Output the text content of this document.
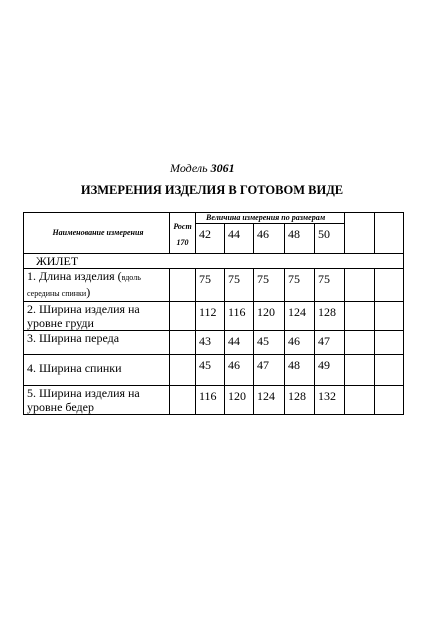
Модель 3061
ИЗМЕРЕНИЯ ИЗДЕЛИЯ В ГОТОВОМ ВИДЕ
Наименование измерения	Рост
170	Величина измерения по размерам						
		42	44	46	48	50		
ЖИЛЕТ								
1. Длина изделия (вдоль середины спинки)		75	75	75	75	75		
2. Ширина изделия на уровне груди		112	116	120	124	128		
3. Ширина переда		43	44	45	46	47		
4. Ширина спинки		45	46	47	48	49		
5. Ширина изделия на уровне бедер		116	120	124	128	132		
